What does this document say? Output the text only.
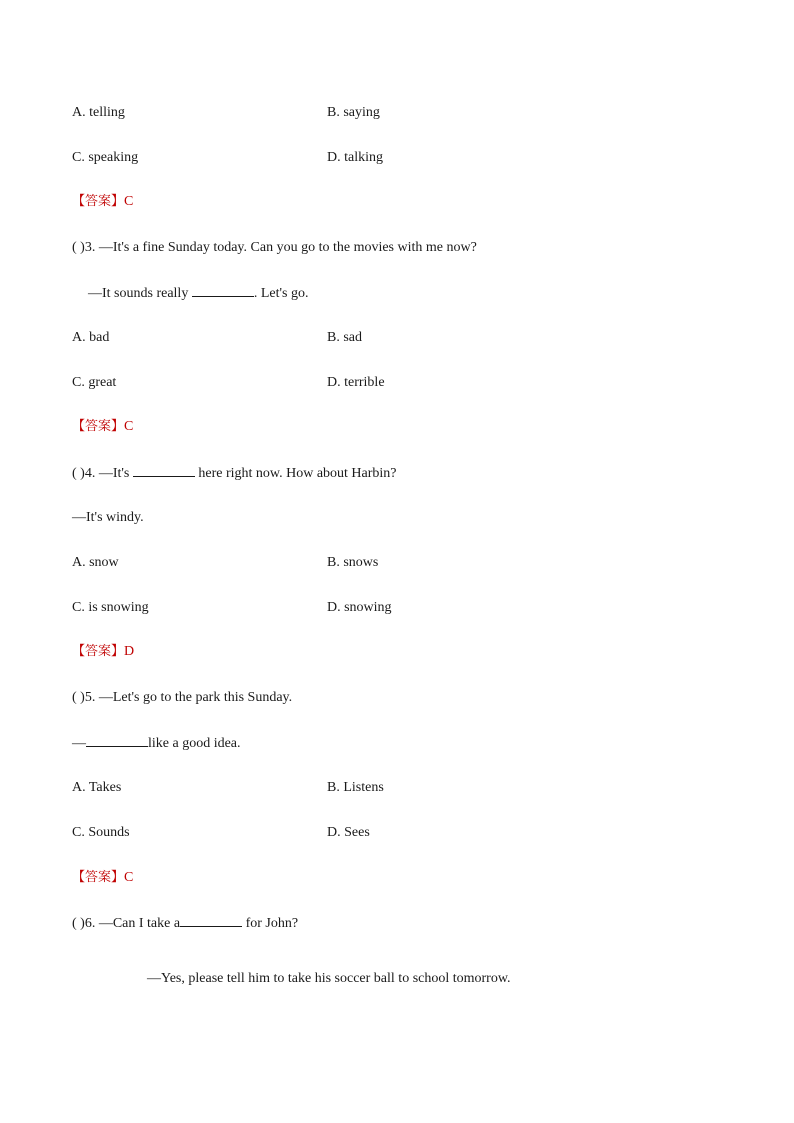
A. telling	B. saying
C. speaking	D. talking
【答案】C
( )3. —It's a fine Sunday today. Can you go to the movies with me now?
—It sounds really	. Let's go.
A. bad	B. sad
C. great	D. terrible
【答案】C
( )4. —It's	here right now. How about Harbin?
—It's windy.
A. snow	B. snows
C. is snowing	D. snowing
【答案】D
( )5. —Let's go to the park this Sunday.
—	like a good idea.
A. Takes	B. Listens
C. Sounds	D. Sees
【答案】C
( )6. —Can I take a	for John?
—Yes, please tell him to take his soccer ball to school tomorrow.
